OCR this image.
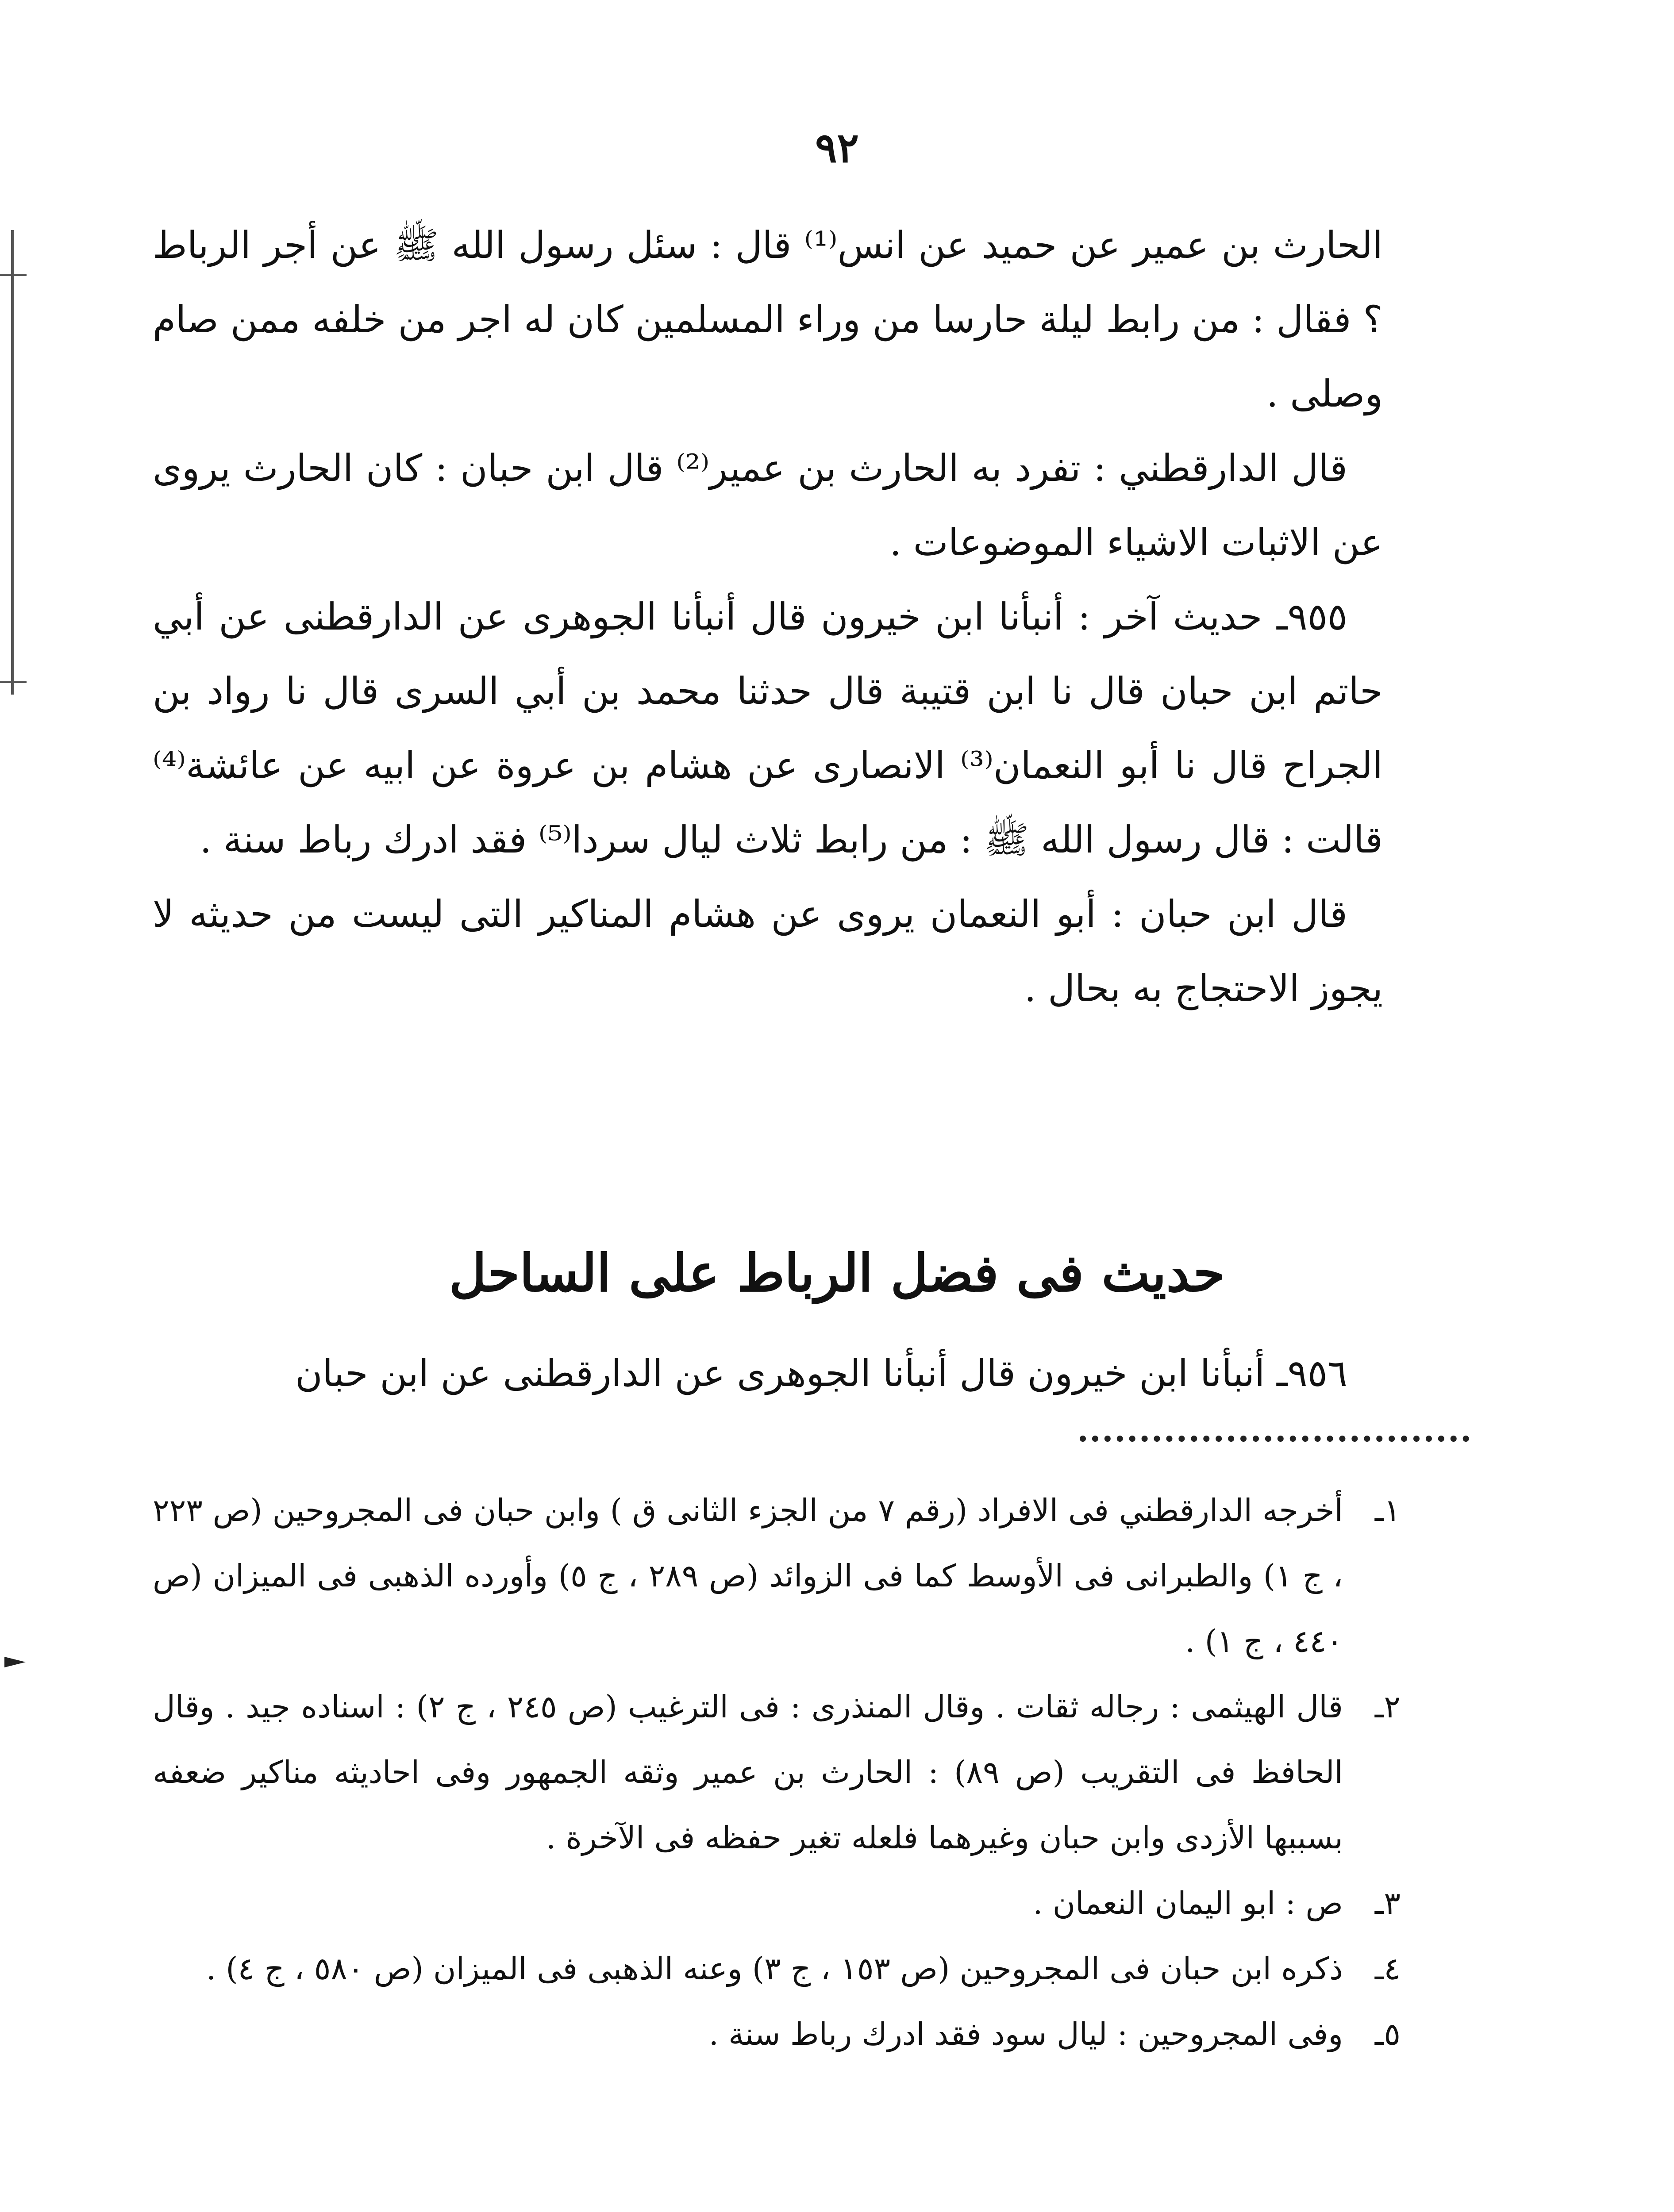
٩٢

الحارث بن عمير عن حميد عن انس⁽¹⁾ قال : سئل رسول الله ﷺ عن أجر الرباط ؟ فقال : من رابط ليلة حارسا من وراء المسلمين كان له اجر من خلفه ممن صام وصلى .

قال الدارقطني : تفرد به الحارث بن عمير⁽²⁾ قال ابن حبان : كان الحارث يروى عن الاثبات الاشياء الموضوعات .

٩٥٥ـ حديث آخر : أنبأنا ابن خيرون قال أنبأنا الجوهرى عن الدارقطنى عن أبي حاتم ابن حبان قال نا ابن قتيبة قال حدثنا محمد بن أبي السرى قال نا رواد بن الجراح قال نا أبو النعمان⁽³⁾ الانصارى عن هشام بن عروة عن ابيه عن عائشة⁽⁴⁾ قالت : قال رسول الله ﷺ : من رابط ثلاث ليال سردا⁽⁵⁾ فقد ادرك رباط سنة .

قال ابن حبان : أبو النعمان يروى عن هشام المناكير التى ليست من حديثه لا يجوز الاحتجاج به بحال .

حديث فى فضل الرباط على الساحل
٩٥٦ـ أنبأنا ابن خيرون قال أنبأنا الجوهرى عن الدارقطنى عن ابن حبان
١ـ
أخرجه الدارقطني فى الافراد (رقم ٧ من الجزء الثانى ق ) وابن حبان فى المجروحين (ص ٢٢٣ ، ج ١) والطبرانى فى الأوسط كما فى الزوائد (ص ٢٨٩ ، ج ٥) وأورده الذهبى فى الميزان (ص ٤٤٠ ، ج ١) .
٢ـ
قال الهيثمى : رجاله ثقات . وقال المنذرى : فى الترغيب (ص ٢٤٥ ، ج ٢) : اسناده جيد . وقال الحافظ فى التقريب (ص ٨٩) : الحارث بن عمير وثقه الجمهور وفى احاديثه مناكير ضعفه بسببها الأزدى وابن حبان وغيرهما فلعله تغير حفظه فى الآخرة .
٣ـ
ص : ابو اليمان النعمان .
٤ـ
ذكره ابن حبان فى المجروحين (ص ١٥٣ ، ج ٣) وعنه الذهبى فى الميزان (ص ٥٨٠ ، ج ٤) .
٥ـ
وفى المجروحين : ليال سود فقد ادرك رباط سنة .
